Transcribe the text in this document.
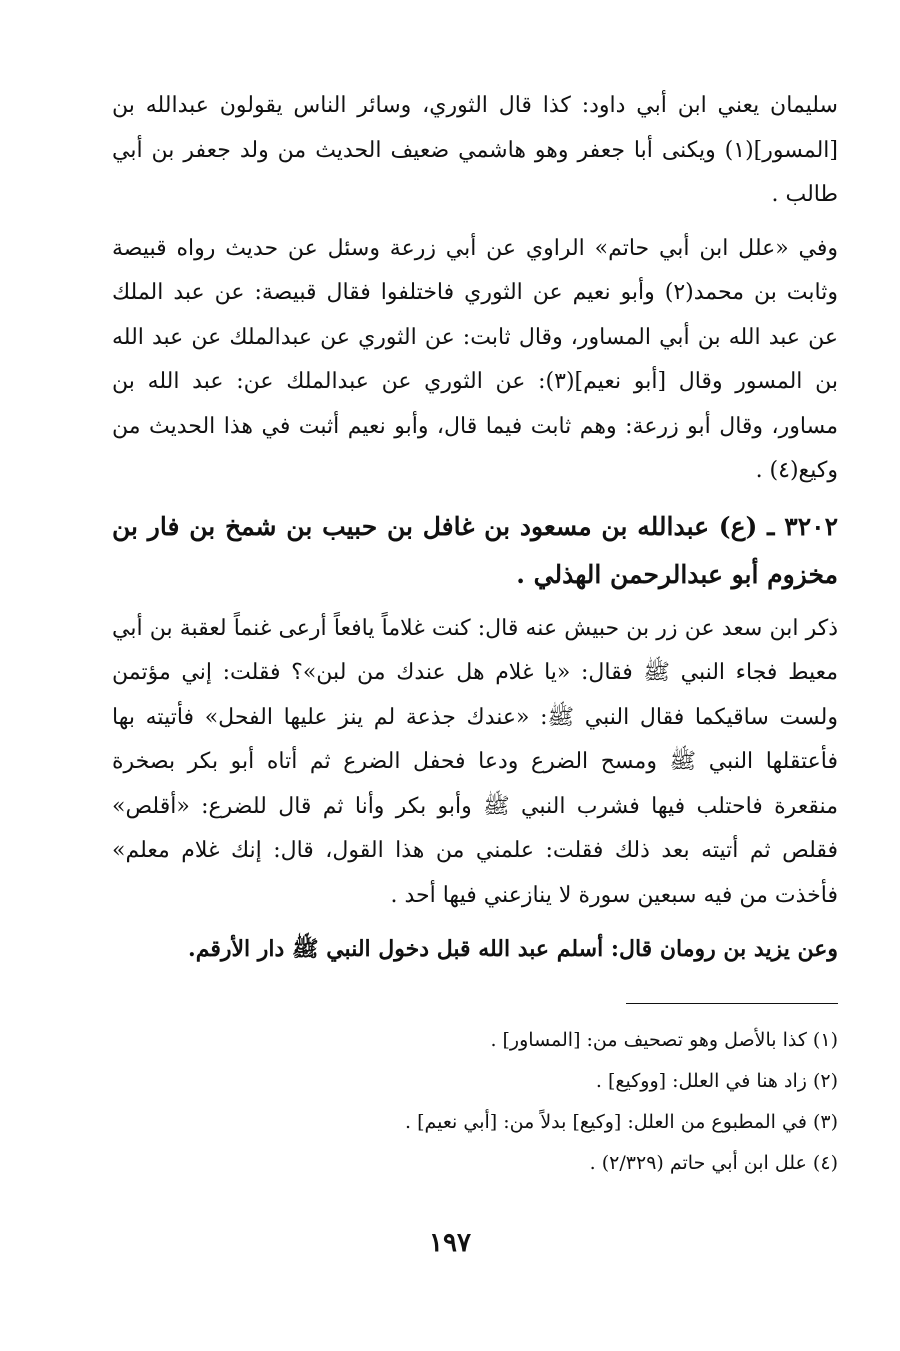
سليمان يعني ابن أبي داود: كذا قال الثوري، وسائر الناس يقولون عبدالله بن [المسور](١) ويكنى أبا جعفر وهو هاشمي ضعيف الحديث من ولد جعفر بن أبي طالب .

وفي «علل ابن أبي حاتم» الراوي عن أبي زرعة وسئل عن حديث رواه قبيصة وثابت بن محمد(٢) وأبو نعيم عن الثوري فاختلفوا فقال قبيصة: عن عبد الملك عن عبد الله بن أبي المساور، وقال ثابت: عن الثوري عن عبدالملك عن عبد الله بن المسور وقال [أبو نعيم](٣): عن الثوري عن عبدالملك عن: عبد الله بن مساور، وقال أبو زرعة: وهم ثابت فيما قال، وأبو نعيم أثبت في هذا الحديث من وكيع(٤) .

٣٢٠٢ ـ (ع) عبدالله بن مسعود بن غافل بن حبيب بن شمخ بن فار بن مخزوم أبو عبدالرحمن الهذلي .

ذكر ابن سعد عن زر بن حبيش عنه قال: كنت غلاماً يافعاً أرعى غنماً لعقبة بن أبي معيط فجاء النبي ﷺ فقال: «يا غلام هل عندك من لبن»؟ فقلت: إني مؤتمن ولست ساقيكما فقال النبي ﷺ: «عندك جذعة لم ينز عليها الفحل» فأتيته بها فأعتقلها النبي ﷺ ومسح الضرع ودعا فحفل الضرع ثم أتاه أبو بكر بصخرة منقعرة فاحتلب فيها فشرب النبي ﷺ وأبو بكر وأنا ثم قال للضرع: «أقلص» فقلص ثم أتيته بعد ذلك فقلت: علمني من هذا القول، قال: إنك غلام معلم» فأخذت من فيه سبعين سورة لا ينازعني فيها أحد .

وعن يزيد بن رومان قال: أسلم عبد الله قبل دخول النبي ﷺ دار الأرقم.

(١) كذا بالأصل وهو تصحيف من: [المساور] .

(٢) زاد هنا في العلل: [ووكيع] .

(٣) في المطبوع من العلل: [وكيع] بدلاً من: [أبي نعيم] .

(٤) علل ابن أبي حاتم (٢/٣٢٩) .

١٩٧
